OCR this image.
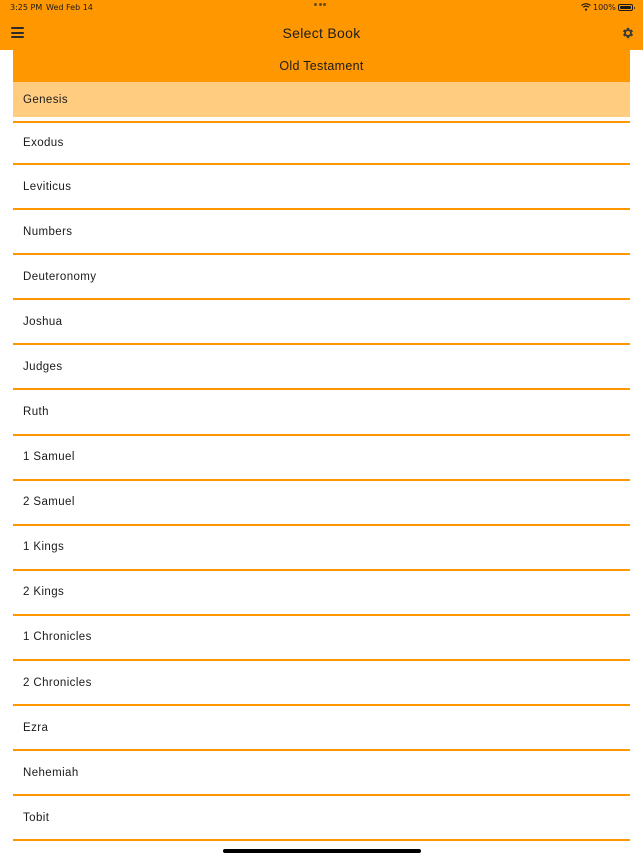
3:25 PM Wed Feb 14	100%
Select Book
Old Testament
Genesis
Exodus
Leviticus
Numbers
Deuteronomy
Joshua
Judges
Ruth
1 Samuel
2 Samuel
1 Kings
2 Kings
1 Chronicles
2 Chronicles
Ezra
Nehemiah
Tobit
